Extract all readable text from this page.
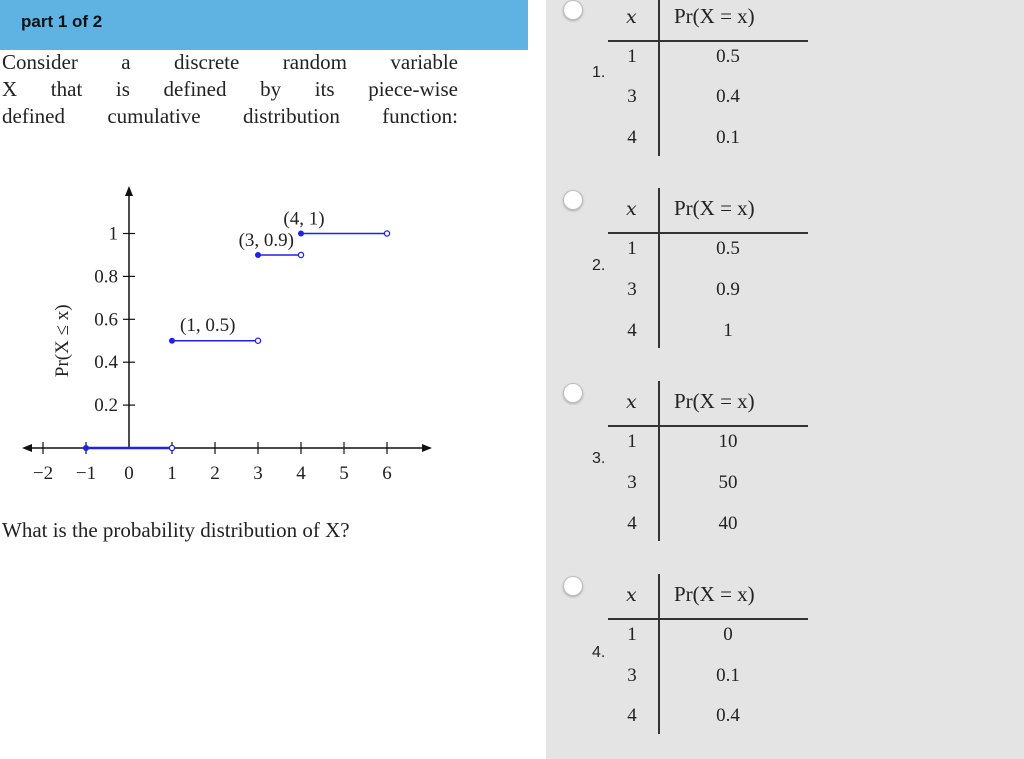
part 1 of 2
Consider a discrete random variable
X that is defined by its piece-wise
defined cumulative distribution function:
−2 −1 0 1 2 3 4 5 6
0.2
0.4
0.6
0.8
1
Pr(X ≤ x)	(1, 0.5)
(3, 0.9)
(4, 1)
What is the probability distribution of X?
1.
x Pr(X = x)
1	0.5
3	0.4
4	0.1
2.
x Pr(X = x)
1	0.5
3	0.9
4	1
3.
x Pr(X = x)
1	10
3	50
4	40
4.
x Pr(X = x)
1	0
3	0.1
4	0.4
